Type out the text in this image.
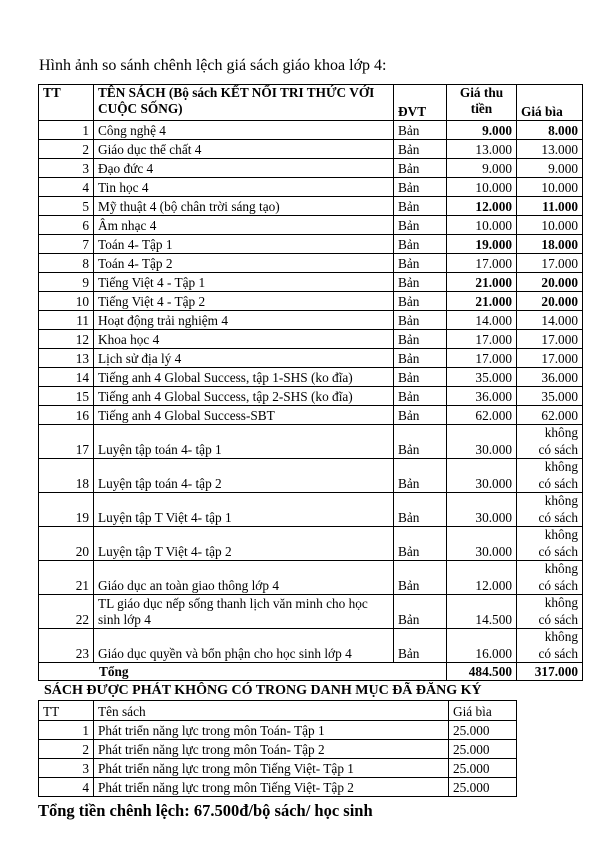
Hình ảnh so sánh chênh lệch giá sách giáo khoa lớp 4:
TT	TÊN SÁCH (Bộ sách KẾT NỐI TRI THỨC VỚI CUỘC SỐNG)	ĐVT	Giá thu tiền	Giá bìa
1	Công nghệ 4	Bản	9.000	8.000
2	Giáo dục thể chất 4	Bản	13.000	13.000
3	Đạo đức 4	Bản	9.000	9.000
4	Tin học 4	Bản	10.000	10.000
5	Mỹ thuật 4 (bộ chân trời sáng tạo)	Bản	12.000	11.000
6	Âm nhạc 4	Bản	10.000	10.000
7	Toán 4- Tập 1	Bản	19.000	18.000
8	Toán 4- Tập 2	Bản	17.000	17.000
9	Tiếng Việt 4 - Tập 1	Bản	21.000	20.000
10	Tiếng Việt 4 - Tập 2	Bản	21.000	20.000
11	Hoạt động trải nghiệm 4	Bản	14.000	14.000
12	Khoa học 4	Bản	17.000	17.000
13	Lịch sử địa lý 4	Bản	17.000	17.000
14	Tiếng anh 4 Global Success, tập 1-SHS (ko đĩa)	Bản	35.000	36.000
15	Tiếng anh 4 Global Success, tập 2-SHS (ko đĩa)	Bản	36.000	35.000
16	Tiếng anh 4 Global Success-SBT	Bản	62.000	62.000
17	Luyện tập toán 4- tập 1	Bản	30.000	không
có sách

18	Luyện tập toán 4- tập 2	Bản	30.000	không
có sách

19	Luyện tập T Việt 4- tập 1	Bản	30.000	không
có sách

20	Luyện tập T Việt 4- tập 2	Bản	30.000	không
có sách

21	Giáo dục an toàn giao thông lớp 4	Bản	12.000	không
có sách

22	TL giáo dục nếp sống thanh lịch văn minh cho học sinh lớp 4	Bản	14.500	không
có sách

23	Giáo dục quyền và bổn phận cho học sinh lớp 4	Bản	16.000	không
có sách

Tổng			484.500	317.000
SÁCH ĐƯỢC PHÁT KHÔNG CÓ TRONG DANH MỤC ĐÃ ĐĂNG KÝ
TT	Tên sách	Giá bìa
1	Phát triển năng lực trong môn Toán- Tập 1	25.000
2	Phát triển năng lực trong môn Toán- Tập 2	25.000
3	Phát triển năng lực trong môn Tiếng Việt- Tập 1	25.000
4	Phát triển năng lực trong môn Tiếng Việt- Tập 2	25.000
Tổng tiền chênh lệch: 67.500đ/bộ sách/ học sinh
